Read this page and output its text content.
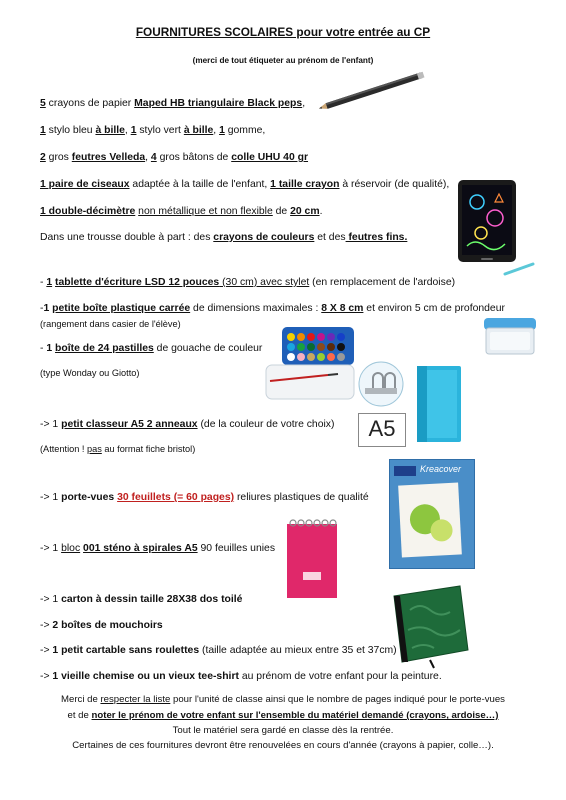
FOURNITURES SCOLAIRES pour votre entrée au CP
(merci de tout étiqueter au prénom de l'enfant)
5 crayons de papier Maped HB triangulaire Black peps,
1 stylo bleu à bille, 1 stylo vert à bille, 1 gomme,
2 gros feutres Velleda, 4 gros bâtons de colle UHU 40 gr
1 paire de ciseaux adaptée à la taille de l'enfant, 1 taille crayon à réservoir (de qualité),
1 double-décimètre non métallique et non flexible de 20 cm.
Dans une trousse double à part : des crayons de couleurs et des feutres fins.
- 1 tablette d'écriture LSD 12 pouces (30 cm) avec stylet (en remplacement de l'ardoise)
-1 petite boîte plastique carrée de dimensions maximales : 8 X 8 cm et environ 5 cm de profondeur
(rangement dans casier de l'élève)
- 1 boîte de 24 pastilles de gouache de couleur
(type Wonday ou Giotto)
A5
-> 1 petit classeur A5 2 anneaux (de la couleur de votre choix)
(Attention ! pas au format fiche bristol)
Kreacover
-> 1 porte-vues 30 feuillets (= 60 pages) reliures plastiques de qualité
-> 1 bloc 001 sténo à spirales A5 90 feuilles unies
-> 1 carton à dessin taille 28X38 dos toilé
-> 2 boîtes de mouchoirs
-> 1 petit cartable sans roulettes (taille adaptée au mieux entre 35 et 37cm)
-> 1 vieille chemise ou un vieux tee-shirt au prénom de votre enfant pour la peinture.
Merci de respecter la liste pour l'unité de classe ainsi que le nombre de pages indiqué pour le porte-vues
et de noter le prénom de votre enfant sur l'ensemble du matériel demandé (crayons, ardoise…)
Tout le matériel sera gardé en classe dès la rentrée.
Certaines de ces fournitures devront être renouvelées en cours d'année (crayons à papier, colle…).
